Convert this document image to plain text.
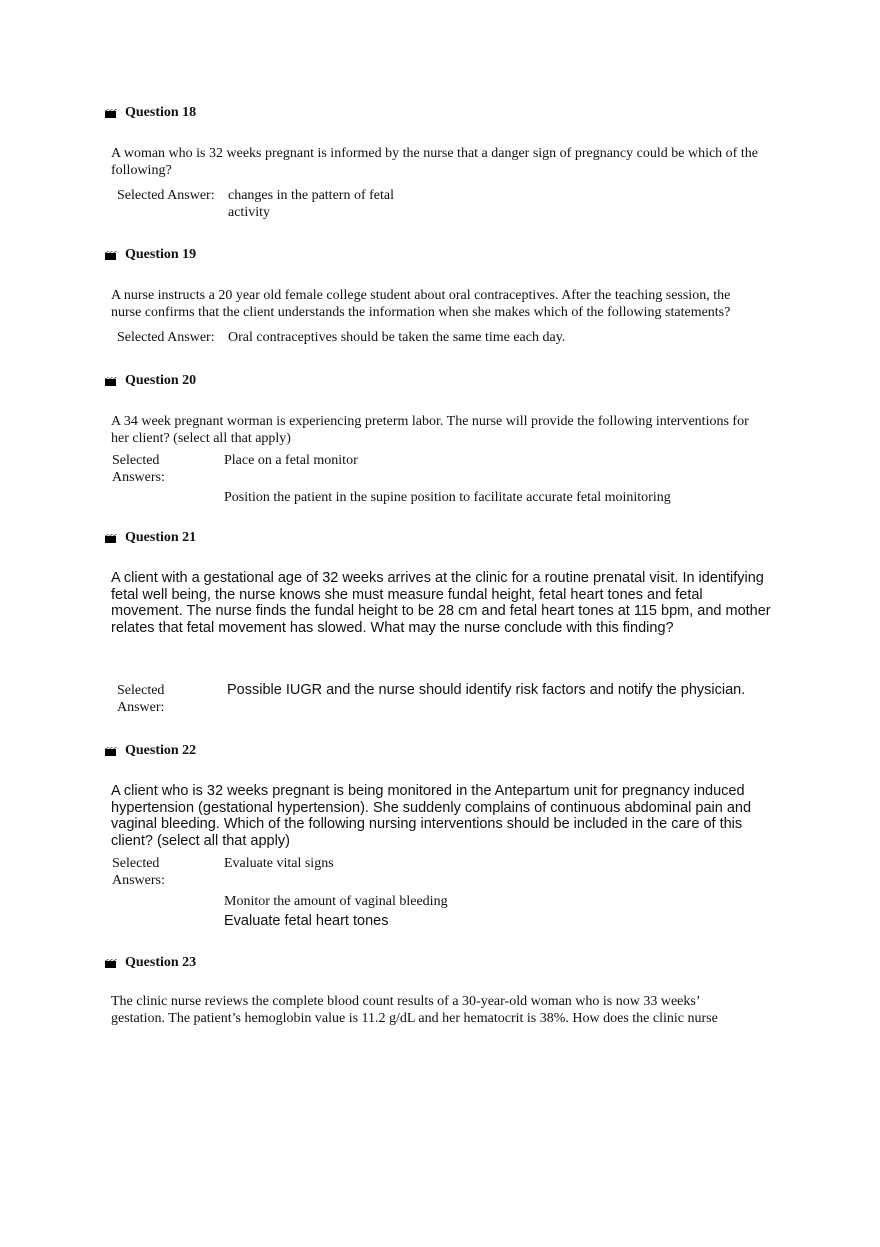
Question 18
A woman who is 32 weeks pregnant is informed by the nurse that a danger sign of pregnancy could be which of the following?
Selected Answer: changes in the pattern of fetal activity
Question 19
A nurse instructs a 20 year old female college student about oral contraceptives. After the teaching session, the nurse confirms that the client understands the information when she makes which of the following statements?
Selected Answer: Oral contraceptives should be taken the same time each day.
Question 20
A 34 week pregnant worman is experiencing preterm labor. The nurse will provide the following interventions for her client? (select all that apply)
Selected Answers:
Place on a fetal monitor
Position the patient in the supine position to facilitate accurate fetal moinitoring
Question 21
A client with a gestational age of 32 weeks arrives at the clinic for a routine prenatal visit. In identifying fetal well being, the nurse knows she must measure fundal height, fetal heart tones and fetal movement. The nurse finds the fundal height to be 28 cm and fetal heart tones at 115 bpm, and mother relates that fetal movement has slowed. What may the nurse conclude with this finding?
Selected Answer:
Possible IUGR and the nurse should identify risk factors and notify the physician.
Question 22
A client who is 32 weeks pregnant is being monitored in the Antepartum unit for pregnancy induced hypertension (gestational hypertension). She suddenly complains of continuous abdominal pain and vaginal bleeding. Which of the following nursing interventions should be included in the care of this client? (select all that apply)
Selected Answers:
Evaluate vital signs
Monitor the amount of vaginal bleeding
Evaluate fetal heart tones
Question 23
The clinic nurse reviews the complete blood count results of a 30-year-old woman who is now 33 weeks’ gestation. The patient’s hemoglobin value is 11.2 g/dL and her hematocrit is 38%. How does the clinic nurse
